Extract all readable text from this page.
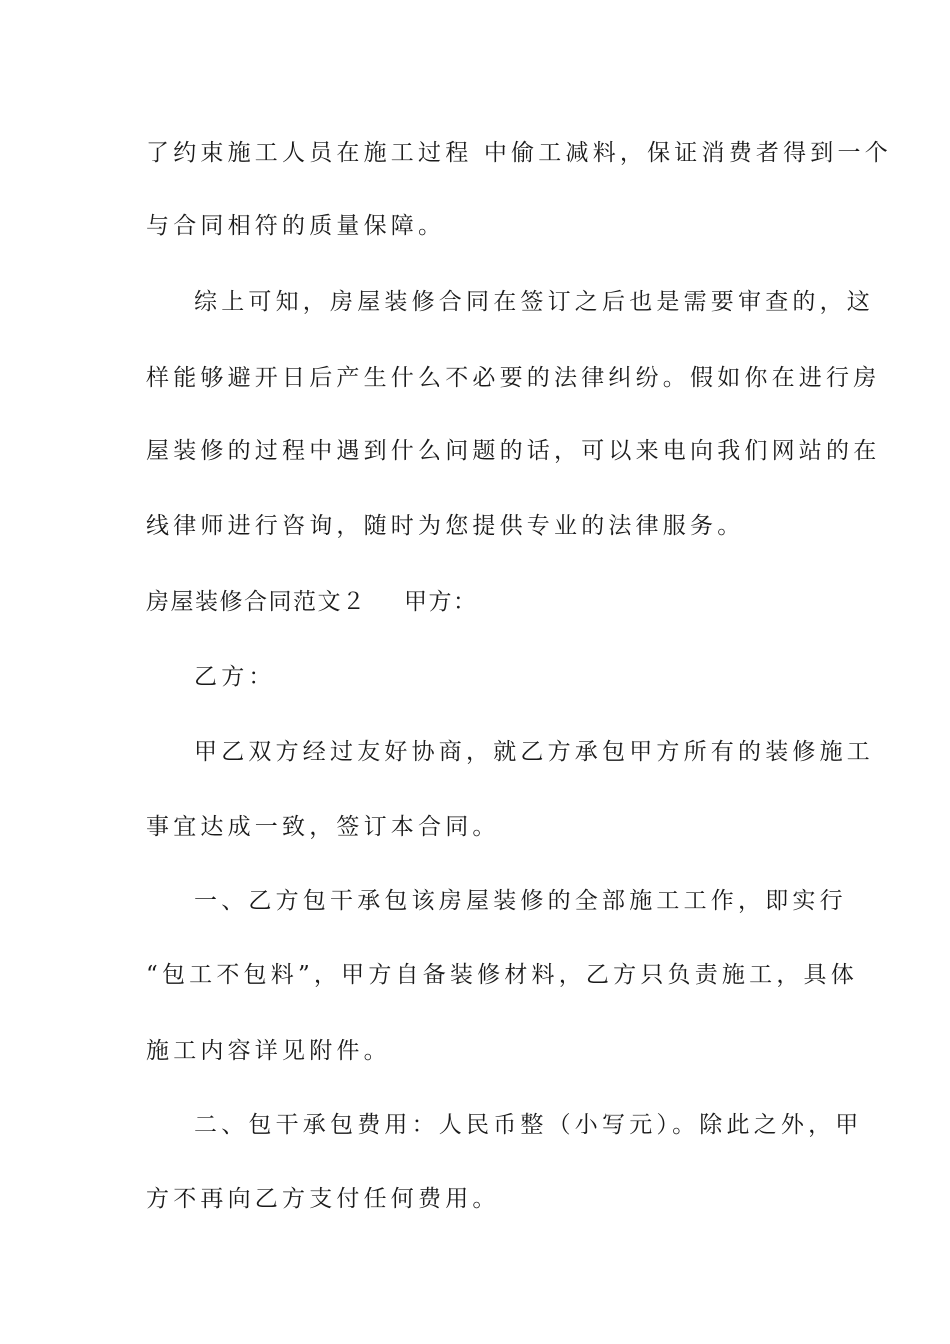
了约束施工人员在施工过程 中偷工减料，保证消费者得到一个
与合同相符的质量保障。
综上可知，房屋装修合同在签订之后也是需要审查的，这
样能够避开日后产生什么不必要的法律纠纷。假如你在进行房
屋装修的过程中遇到什么问题的话，可以来电向我们网站的在
线律师进行咨询，随时为您提供专业的法律服务。
房屋装修合同范文２	甲方：
乙方：
甲乙双方经过友好协商，就乙方承包甲方所有的装修施工
事宜达成一致，签订本合同。
一、乙方包干承包该房屋装修的全部施工工作，即实行
“包工不包料”，甲方自备装修材料，乙方只负责施工，具体
施工内容详见附件。
二、包干承包费用：人民币整（小写元）。除此之外，甲
方不再向乙方支付任何费用。
